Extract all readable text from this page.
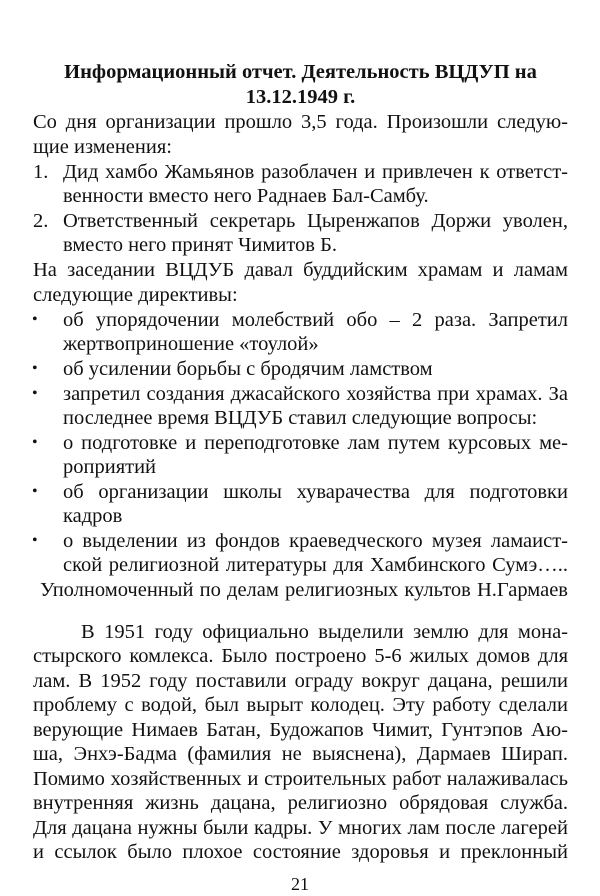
Информационный отчет. Деятельность ВЦДУП на
13.12.1949 г.
Со дня организации прошло 3,5 года. Произошли следую-
щие изменения:
1. Дид хамбо Жамьянов разоблачен и привлечен к ответст-
венности вместо него Раднаев Бал-Самбу.
2. Ответственный секретарь Цыренжапов Доржи уволен,
вместо него принят Чимитов Б.
На заседании ВЦДУБ давал буддийским храмам и ламам
следующие директивы:
• об упорядочении молебствий обо – 2 раза. Запретил
жертвоприношение «тоулой»
• об усилении борьбы с бродячим ламством
• запретил создания джасайского хозяйства при храмах. За
последнее время ВЦДУБ ставил следующие вопросы:
• о подготовке и переподготовке лам путем курсовых ме-
роприятий
• об организации школы хуварачества для подготовки
кадров
• о выделении из фондов краеведческого музея ламаист-
ской религиозной литературы для Хамбинского Сумэ…..
Уполномоченный по делам религиозных культов Н.Гармаев
В 1951 году официально выделили землю для мона-
стырского комлекса. Было построено 5-6 жилых домов для
лам. В 1952 году поставили ограду вокруг дацана, решили
проблему с водой, был вырыт колодец. Эту работу сделали
верующие Нимаев Батан, Будожапов Чимит, Гунтэпов Аю-
ша, Энхэ-Бадма (фамилия не выяснена), Дармаев Ширап.
Помимо хозяйственных и строительных работ налаживалась
внутренняя жизнь дацана, религиозно обрядовая служба.
Для дацана нужны были кадры. У многих лам после лагерей
и ссылок было плохое состояние здоровья и преклонный
21
